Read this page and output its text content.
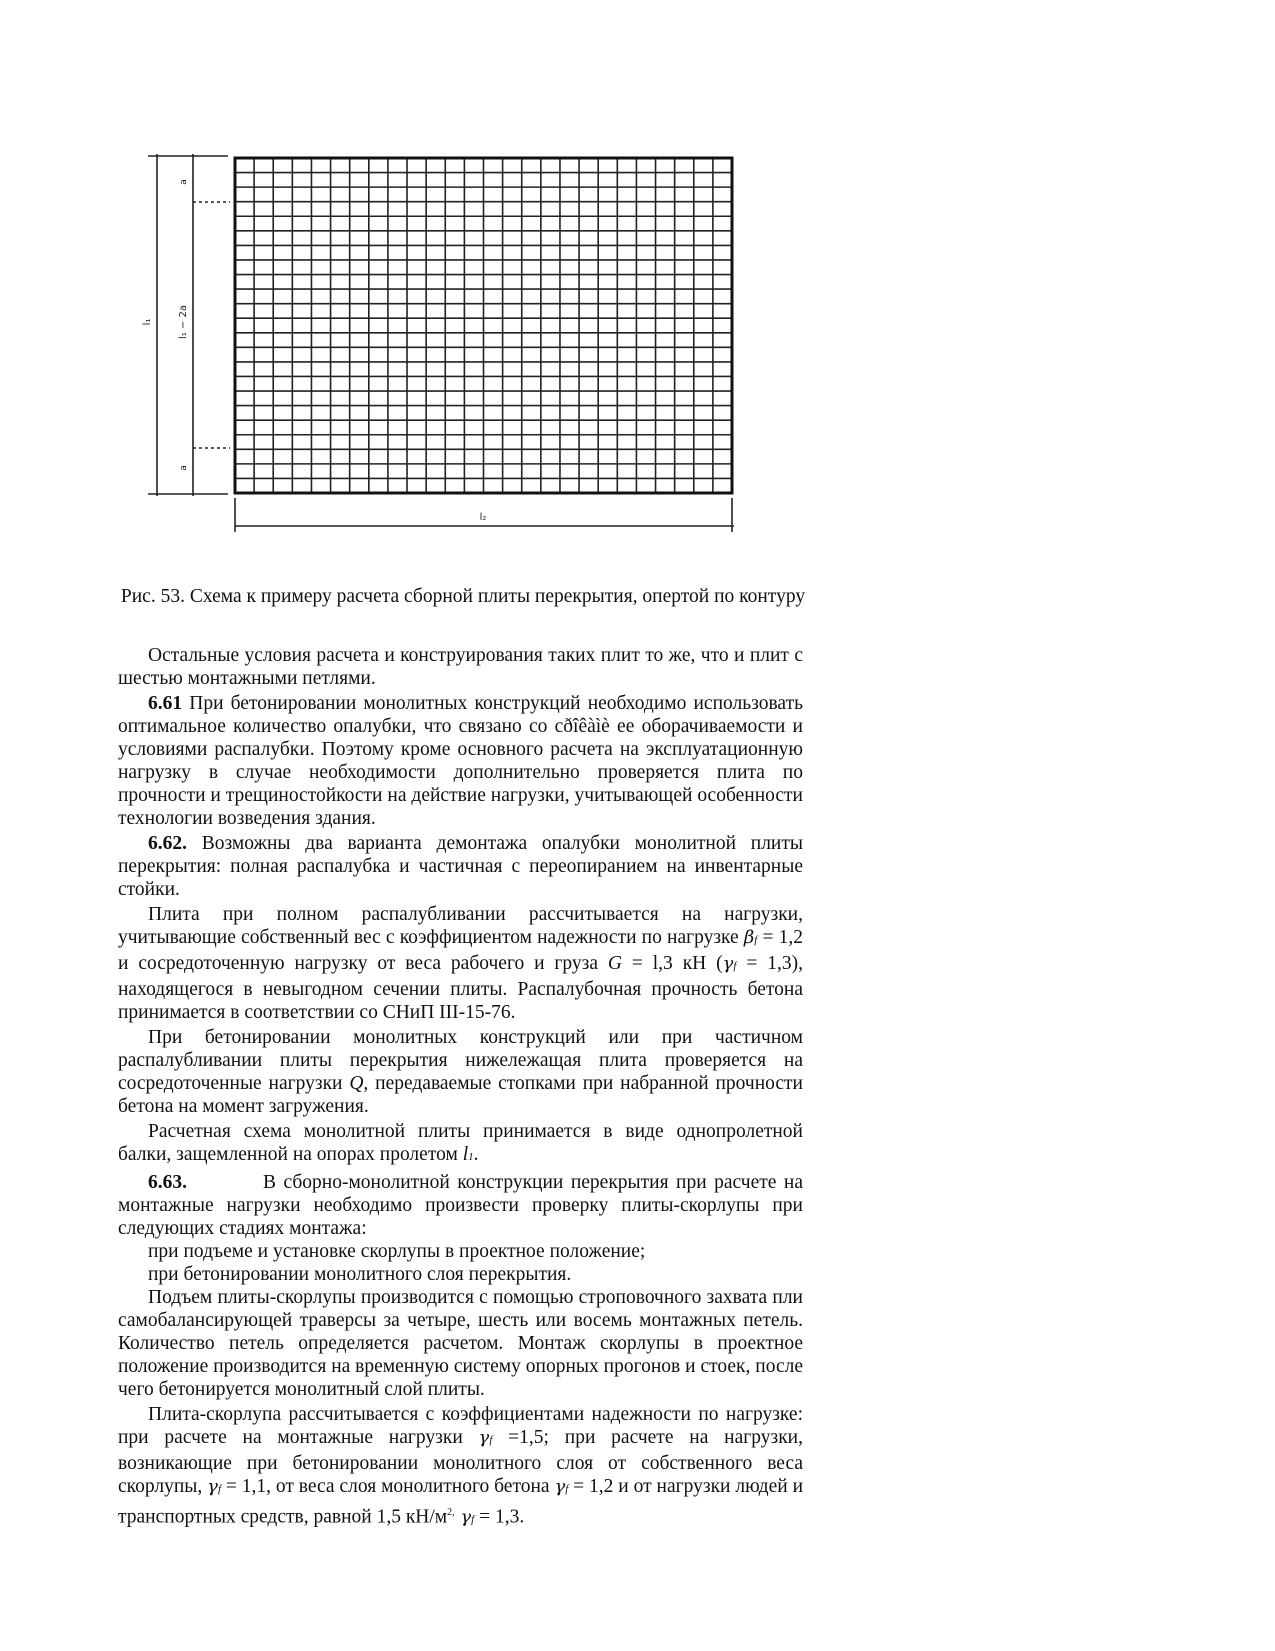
l₁	l₁ − 2a
a
a
l₂
Рис. 53. Схема к примеру расчета сборной плиты перекрытия, опертой по контуру

Остальные условия расчета и конструирования таких плит то же, что и плит с шестью монтажными петлями.

6.61 При бетонировании монолитных конструкций необходимо использовать оптимальное количество опалубки, что связано со cðîêàìè ее оборачиваемости и условиями распалубки. Поэтому кроме основного расчета на эксплуатационную нагрузку в случае необходимости дополнительно проверяется плита по прочности и трещиностойкости на действие нагрузки, учитывающей особенности технологии возведения здания.

6.62. Возможны два варианта демонтажа опалубки монолитной плиты перекрытия: полная распалубка и частичная с переопиранием на инвентарные стойки.

Плита при полном распалубливании рассчитывается на нагрузки, учитывающие собственный вес с коэффициентом надежности по нагрузке βf = 1,2 и сосредоточенную нагрузку от веса рабочего и груза G = l,3 кН (γf = 1,3), находящегося в невыгодном сечении плиты. Распалубочная прочность бетона принимается в соответствии со СНиП III-15-76.

При бетонировании монолитных конструкций или при частичном распалубливании плиты перекрытия нижележащая плита проверяется на сосредоточенные нагрузки Q, передаваемые стопками при набранной прочности бетона на момент загружения.

Расчетная схема монолитной плиты принимается в виде однопролетной балки, защемленной на опорах пролетом l1.

6.63.	В сборно-монолитной конструкции перекрытия при расчете на монтажные нагрузки необходимо произвести проверку плиты-скорлупы при следующих стадиях монтажа:

при подъеме и установке скорлупы в проектное положение;

при бетонировании монолитного слоя перекрытия.

Подъем плиты-скорлупы производится с помощью строповочного захвата пли самобалансирующей траверсы за четыре, шесть или восемь монтажных петель. Количество петель определяется расчетом. Монтаж скорлупы в проектное положение производится на временную систему опорных прогонов и стоек, после чего бетонируется монолитный слой плиты.

Плита-скорлупа рассчитывается с коэффициентами надежности по нагрузке: при расчете на монтажные нагрузки γf =1,5; при расчете на нагрузки, возникающие при бетонировании монолитного слоя от собственного веса скорлупы, γf = 1,1, от веса слоя монолитного бетона γf = 1,2 и от нагрузки людей и транспортных средств, равной 1,5 $кН/м^{2,}$ γf = 1,3.
